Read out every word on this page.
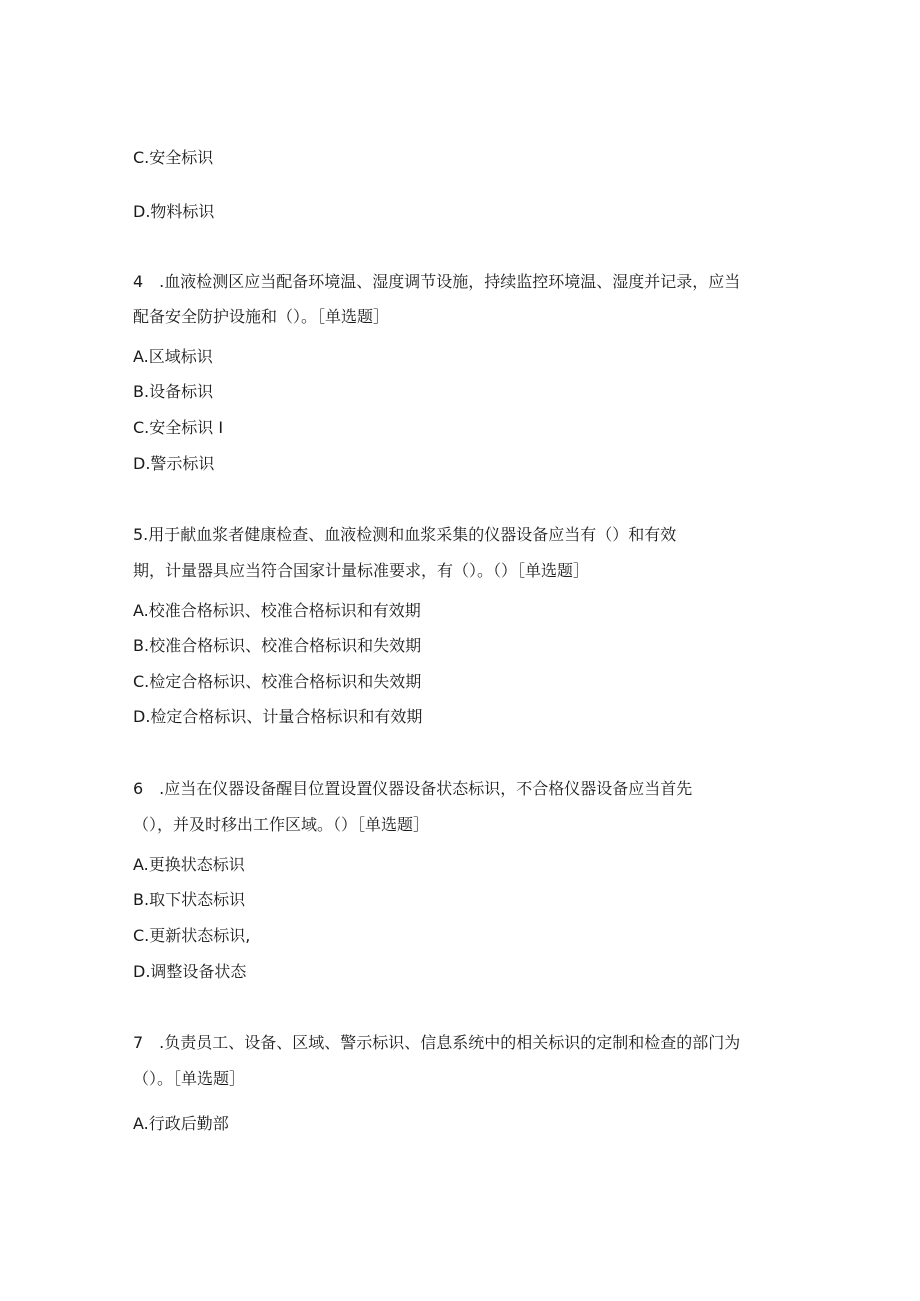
C.安全标识
D.物料标识
4　.血液检测区应当配备环境温、湿度调节设施，持续监控环境温、湿度并记录，应当
配备安全防护设施和（）。［单选题］
A.区域标识
B.设备标识
C.安全标识 I
D.警示标识
5.用于献血浆者健康检查、血液检测和血浆采集的仪器设备应当有（）和有效
期，计量器具应当符合国家计量标准要求，有（）。（）［单选题］
A.校准合格标识、校准合格标识和有效期
B.校准合格标识、校准合格标识和失效期
C.检定合格标识、校准合格标识和失效期
D.检定合格标识、计量合格标识和有效期
6　.应当在仪器设备醒目位置设置仪器设备状态标识，不合格仪器设备应当首先
（），并及时移出工作区域。（）［单选题］
A.更换状态标识
B.取下状态标识
C.更新状态标识,
D.调整设备状态
7　.负责员工、设备、区域、警示标识、信息系统中的相关标识的定制和检查的部门为
（）。［单选题］
A.行政后勤部
